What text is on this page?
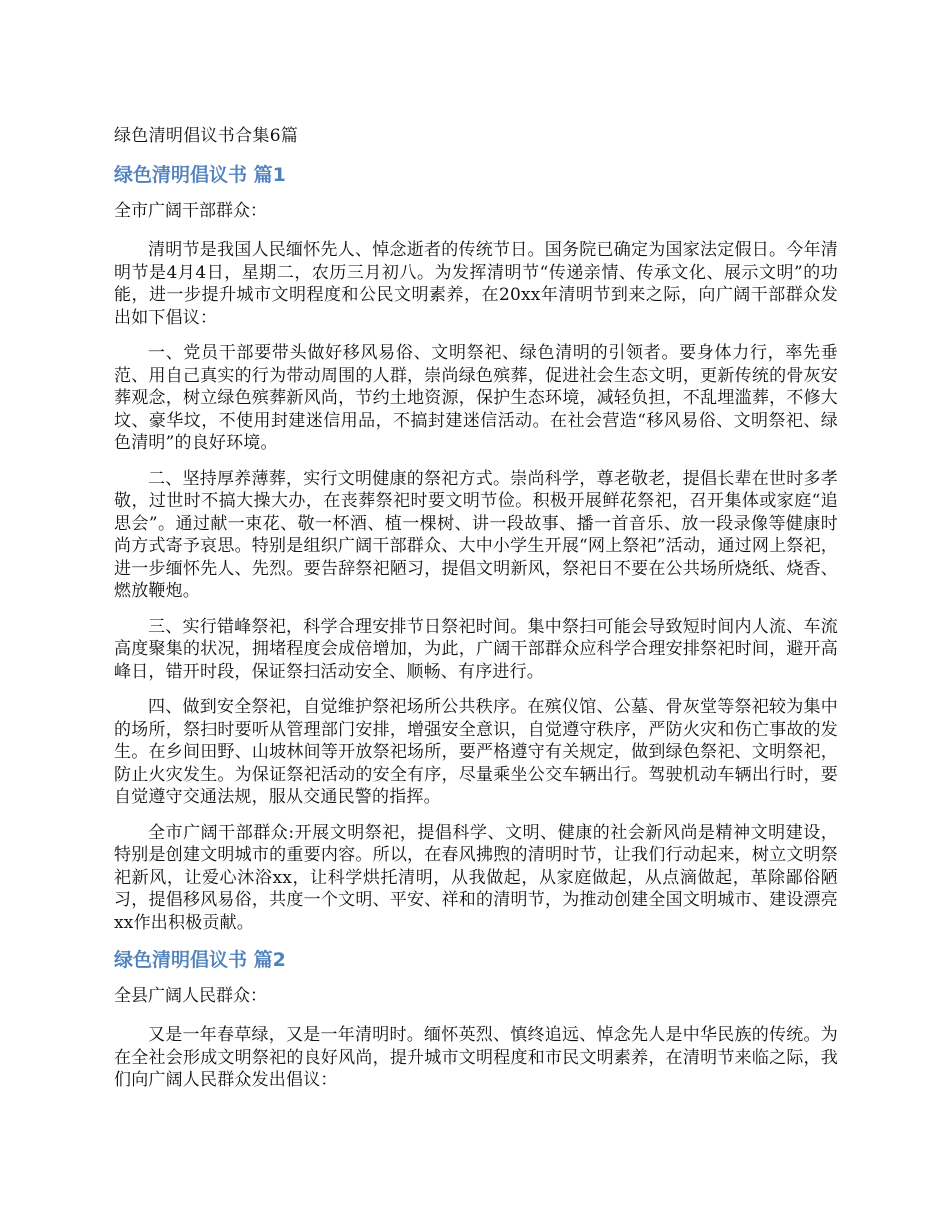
绿色清明倡议书合集6篇
绿色清明倡议书 篇1
全市广阔干部群众：

清明节是我国人民缅怀先人、悼念逝者的传统节日。国务院已确定为国家法定假日。今年清明节是4月4日，星期二，农历三月初八。为发挥清明节“传递亲情、传承文化、展示文明”的功能，进一步提升城市文明程度和公民文明素养，在20xx年清明节到来之际，向广阔干部群众发出如下倡议：

一、党员干部要带头做好移风易俗、文明祭祀、绿色清明的引领者。要身体力行，率先垂范、用自己真实的行为带动周围的人群，崇尚绿色殡葬，促进社会生态文明，更新传统的骨灰安葬观念，树立绿色殡葬新风尚，节约土地资源，保护生态环境，减轻负担，不乱埋滥葬，不修大坟、豪华坟，不使用封建迷信用品，不搞封建迷信活动。在社会营造“移风易俗、文明祭祀、绿色清明”的良好环境。

二、坚持厚养薄葬，实行文明健康的祭祀方式。崇尚科学，尊老敬老，提倡长辈在世时多孝敬，过世时不搞大操大办，在丧葬祭祀时要文明节俭。积极开展鲜花祭祀，召开集体或家庭“追思会”。通过献一束花、敬一杯酒、植一棵树、讲一段故事、播一首音乐、放一段录像等健康时尚方式寄予哀思。特别是组织广阔干部群众、大中小学生开展“网上祭祀”活动，通过网上祭祀，进一步缅怀先人、先烈。要告辞祭祀陋习，提倡文明新风，祭祀日不要在公共场所烧纸、烧香、燃放鞭炮。

三、实行错峰祭祀，科学合理安排节日祭祀时间。集中祭扫可能会导致短时间内人流、车流高度聚集的状况，拥堵程度会成倍增加，为此，广阔干部群众应科学合理安排祭祀时间，避开高峰日，错开时段，保证祭扫活动安全、顺畅、有序进行。

四、做到安全祭祀，自觉维护祭祀场所公共秩序。在殡仪馆、公墓、骨灰堂等祭祀较为集中的场所，祭扫时要听从管理部门安排，增强安全意识，自觉遵守秩序，严防火灾和伤亡事故的发生。在乡间田野、山坡林间等开放祭祀场所，要严格遵守有关规定，做到绿色祭祀、文明祭祀，防止火灾发生。为保证祭祀活动的安全有序，尽量乘坐公交车辆出行。驾驶机动车辆出行时，要自觉遵守交通法规，服从交通民警的指挥。

全市广阔干部群众:开展文明祭祀，提倡科学、文明、健康的社会新风尚是精神文明建设，特别是创建文明城市的重要内容。所以，在春风拂煦的清明时节，让我们行动起来，树立文明祭祀新风，让爱心沐浴xx，让科学烘托清明，从我做起，从家庭做起，从点滴做起，革除鄙俗陋习，提倡移风易俗，共度一个文明、平安、祥和的清明节，为推动创建全国文明城市、建设漂亮xx作出积极贡献。

绿色清明倡议书 篇2
全县广阔人民群众：

又是一年春草绿，又是一年清明时。缅怀英烈、慎终追远、悼念先人是中华民族的传统。为在全社会形成文明祭祀的良好风尚，提升城市文明程度和市民文明素养，在清明节来临之际，我们向广阔人民群众发出倡议：
